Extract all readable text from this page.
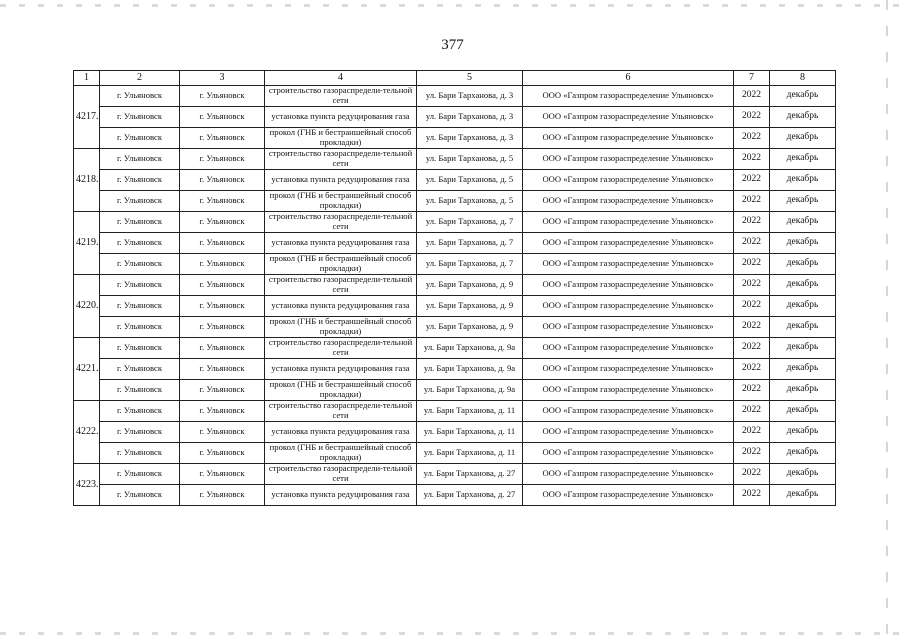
377
1	2	3	4	5	6	7	8
4217.	г. Ульяновск	г. Ульяновск	строительство газораспредели-тельной сети	ул. Бари Тарханова, д. 3	ООО «Газпром газораспределение Ульяновск»	2022	декабрь
	г. Ульяновск	г. Ульяновск	установка пункта редуцирования газа	ул. Бари Тарханова, д. 3	ООО «Газпром газораспределение Ульяновск»	2022	декабрь
	г. Ульяновск	г. Ульяновск	прокол (ГНБ и бестраншейный способ прокладки)	ул. Бари Тарханова, д. 3	ООО «Газпром газораспределение Ульяновск»	2022	декабрь
4218.	г. Ульяновск	г. Ульяновск	строительство газораспредели-тельной сети	ул. Бари Тарханова, д. 5	ООО «Газпром газораспределение Ульяновск»	2022	декабрь
	г. Ульяновск	г. Ульяновск	установка пункта редуцирования газа	ул. Бари Тарханова, д. 5	ООО «Газпром газораспределение Ульяновск»	2022	декабрь
	г. Ульяновск	г. Ульяновск	прокол (ГНБ и бестраншейный способ прокладки)	ул. Бари Тарханова, д. 5	ООО «Газпром газораспределение Ульяновск»	2022	декабрь
4219.	г. Ульяновск	г. Ульяновск	строительство газораспредели-тельной сети	ул. Бари Тарханова, д. 7	ООО «Газпром газораспределение Ульяновск»	2022	декабрь
	г. Ульяновск	г. Ульяновск	установка пункта редуцирования газа	ул. Бари Тарханова, д. 7	ООО «Газпром газораспределение Ульяновск»	2022	декабрь
	г. Ульяновск	г. Ульяновск	прокол (ГНБ и бестраншейный способ прокладки)	ул. Бари Тарханова, д. 7	ООО «Газпром газораспределение Ульяновск»	2022	декабрь
4220.	г. Ульяновск	г. Ульяновск	строительство газораспредели-тельной сети	ул. Бари Тарханова, д. 9	ООО «Газпром газораспределение Ульяновск»	2022	декабрь
	г. Ульяновск	г. Ульяновск	установка пункта редуцирования газа	ул. Бари Тарханова, д. 9	ООО «Газпром газораспределение Ульяновск»	2022	декабрь
	г. Ульяновск	г. Ульяновск	прокол (ГНБ и бестраншейный способ прокладки)	ул. Бари Тарханова, д. 9	ООО «Газпром газораспределение Ульяновск»	2022	декабрь
4221.	г. Ульяновск	г. Ульяновск	строительство газораспредели-тельной сети	ул. Бари Тарханова, д. 9а	ООО «Газпром газораспределение Ульяновск»	2022	декабрь
	г. Ульяновск	г. Ульяновск	установка пункта редуцирования газа	ул. Бари Тарханова, д. 9а	ООО «Газпром газораспределение Ульяновск»	2022	декабрь
	г. Ульяновск	г. Ульяновск	прокол (ГНБ и бестраншейный способ прокладки)	ул. Бари Тарханова, д. 9а	ООО «Газпром газораспределение Ульяновск»	2022	декабрь
4222.	г. Ульяновск	г. Ульяновск	строительство газораспредели-тельной сети	ул. Бари Тарханова, д. 11	ООО «Газпром газораспределение Ульяновск»	2022	декабрь
	г. Ульяновск	г. Ульяновск	установка пункта редуцирования газа	ул. Бари Тарханова, д. 11	ООО «Газпром газораспределение Ульяновск»	2022	декабрь
	г. Ульяновск	г. Ульяновск	прокол (ГНБ и бестраншейный способ прокладки)	ул. Бари Тарханова, д. 11	ООО «Газпром газораспределение Ульяновск»	2022	декабрь
4223.	г. Ульяновск	г. Ульяновск	строительство газораспредели-тельной сети	ул. Бари Тарханова, д. 27	ООО «Газпром газораспределение Ульяновск»	2022	декабрь
	г. Ульяновск	г. Ульяновск	установка пункта редуцирования газа	ул. Бари Тарханова, д. 27	ООО «Газпром газораспределение Ульяновск»	2022	декабрь
